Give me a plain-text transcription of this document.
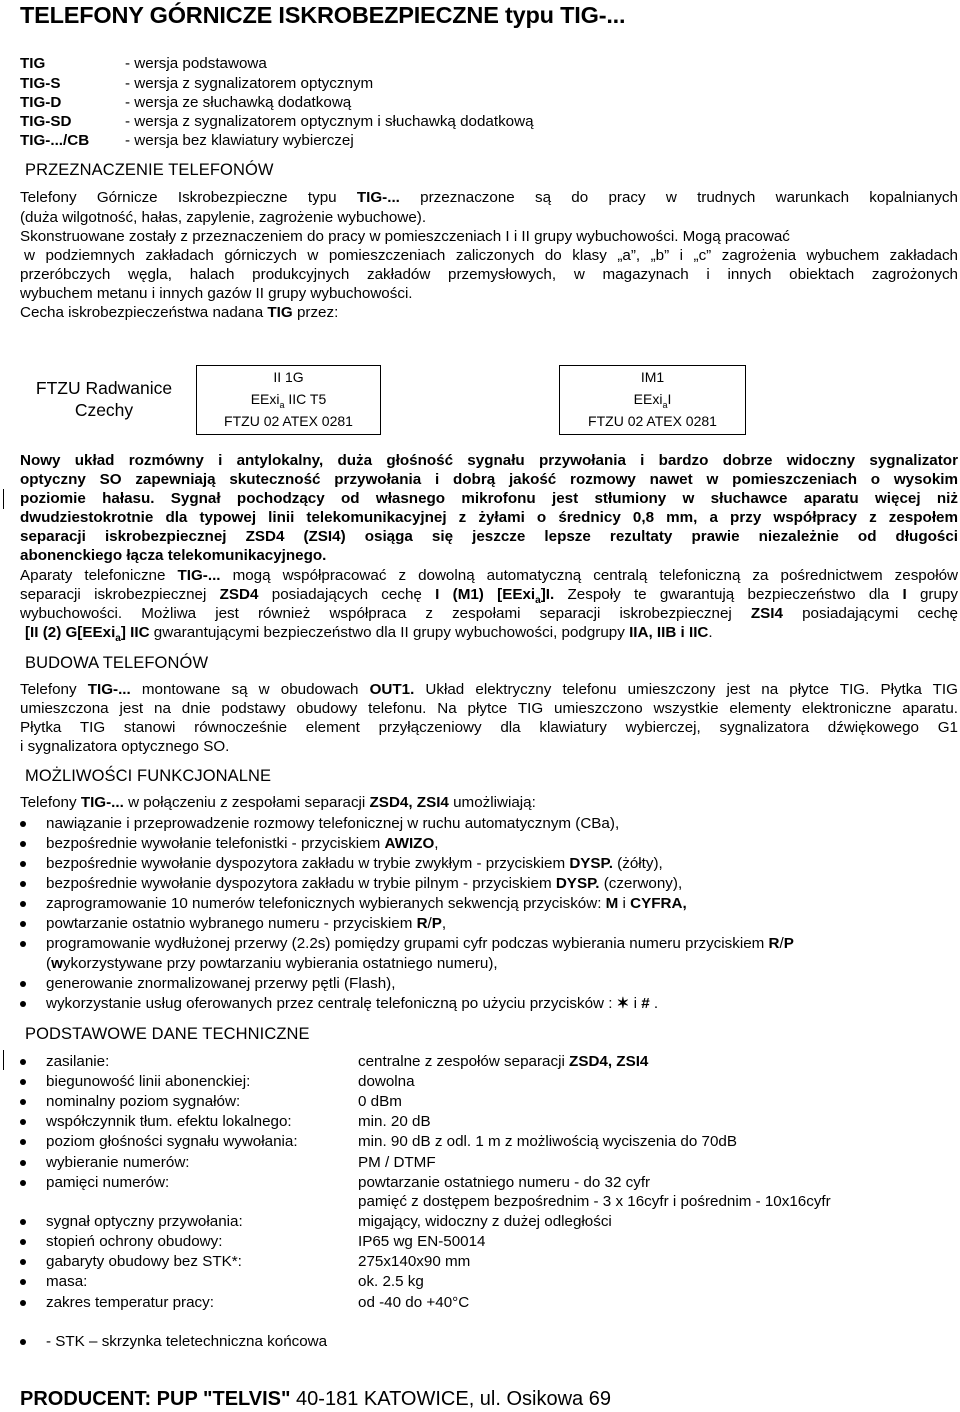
TELEFONY GÓRNICZE ISKROBEZPIECZNE typu TIG-...
TIG	- wersja podstawowa
TIG-S	- wersja z sygnalizatorem optycznym
TIG-D	- wersja ze słuchawką dodatkową
TIG-SD	- wersja z sygnalizatorem optycznym i słuchawką dodatkową
TIG-.../CB - wersja bez klawiatury wybierczej
PRZEZNACZENIE TELEFONÓW
Telefony Górnicze Iskrobezpieczne typu TIG-... przeznaczone są do pracy w trudnych warunkach kopalnianych
(duża wilgotność, hałas, zapylenie, zagrożenie wybuchowe).
Skonstruowane zostały z przeznaczeniem do pracy w pomieszczeniach I i II grupy wybuchowości. Mogą pracować
w podziemnych zakładach górniczych w pomieszczeniach zaliczonych do klasy „a”, „b” i „c” zagrożenia wybuchem zakładach
przeróbczych węgla, halach produkcyjnych zakładów przemysłowych, w magazynach i innych obiektach zagrożonych
wybuchem metanu i innych gazów II grupy wybuchowości.
Cecha iskrobezpieczeństwa nadana TIG przez:
FTZU Radwanice
Czechy
II 1G
EExi$_a$ IIC T5
FTZU 02 ATEX 0281
IM1
EExi$_a$I
FTZU 02 ATEX 0281
Nowy układ rozmówny i antylokalny, duża głośność sygnału przywołania i bardzo dobrze widoczny sygnalizator
optyczny SO zapewniają skuteczność przywołania i dobrą jakość rozmowy nawet w pomieszczeniach o wysokim
poziomie hałasu. Sygnał pochodzący od własnego mikrofonu jest stłumiony w słuchawce aparatu więcej niż
dwudziestokrotnie dla typowej linii telekomunikacyjnej z żyłami o średnicy 0,8 mm, a przy współpracy z zespołem
separacji iskrobezpiecznej ZSD4 (ZSI4) osiąga się jeszcze lepsze rezultaty prawie niezależnie od długości
abonenckiego łącza telekomunikacyjnego.
Aparaty telefoniczne TIG-... mogą współpracować z dowolną automatyczną centralą telefoniczną za pośrednictwem zespołów
separacji iskrobezpiecznej ZSD4 posiadających cechę I (M1) [EExi$_a$]I. Zespoły te gwarantują bezpieczeństwo dla I grupy
wybuchowości. Możliwa jest również współpraca z zespołami separacji iskrobezpiecznej ZSI4 posiadającymi cechę
[II (2) G[EExi$_a$] IIC gwarantującymi bezpieczeństwo dla II grupy wybuchowości, podgrupy IIA, IIB i IIC.
BUDOWA TELEFONÓW
Telefony TIG-... montowane są w obudowach OUT1. Układ elektryczny telefonu umieszczony jest na płytce TIG. Płytka TIG
umieszczona jest na dnie podstawy obudowy telefonu. Na płytce TIG umieszczono wszystkie elementy elektroniczne aparatu.
Płytka TIG stanowi równocześnie element przyłączeniowy dla klawiatury wybierczej, sygnalizatora dźwiękowego G1
i sygnalizatora optycznego SO.
MOŻLIWOŚCI FUNKCJONALNE
Telefony TIG-... w połączeniu z zespołami separacji ZSD4, ZSI4 umożliwiają:
nawiązanie i przeprowadzenie rozmowy telefonicznej w ruchu automatycznym (CBa),
bezpośrednie wywołanie telefonistki - przyciskiem AWIZO,
bezpośrednie wywołanie dyspozytora zakładu w trybie zwykłym - przyciskiem DYSP. (żółty),
bezpośrednie wywołanie dyspozytora zakładu w trybie pilnym - przyciskiem DYSP. (czerwony),
zaprogramowanie 10 numerów telefonicznych wybieranych sekwencją przycisków: M i CYFRA,
powtarzanie ostatnio wybranego numeru - przyciskiem R/P,
programowanie wydłużonej przerwy (2.2s) pomiędzy grupami cyfr podczas wybierania numeru przyciskiem R/P
(wykorzystywane przy powtarzaniu wybierania ostatniego numeru),
generowanie znormalizowanej przerwy pętli (Flash),
wykorzystanie usług oferowanych przez centralę telefoniczną po użyciu przycisków : ✶ i # .
PODSTAWOWE DANE TECHNICZNE
zasilanie:	centralne z zespołów separacji ZSD4, ZSI4
biegunowość linii abonenckiej:	dowolna
nominalny poziom sygnałów:	0 dBm
współczynnik tłum. efektu lokalnego:	min. 20 dB
poziom głośności sygnału wywołania:	min. 90 dB z odl. 1 m z możliwością wyciszenia do 70dB
wybieranie numerów:	PM / DTMF
pamięci numerów:	powtarzanie ostatniego numeru - do 32 cyfr
pamięć z dostępem bezpośrednim - 3 x 16cyfr i pośrednim - 10x16cyfr
sygnał optyczny przywołania:	migający, widoczny z dużej odległości
stopień ochrony obudowy:	IP65 wg EN-50014
gabaryty obudowy bez STK*:	275x140x90 mm
masa:	ok. 2.5 kg
zakres temperatur pracy:	od -40 do +40°C
- STK – skrzynka teletechniczna końcowa
PRODUCENT: PUP "TELVIS" 40-181 KATOWICE, ul. Osikowa 69
